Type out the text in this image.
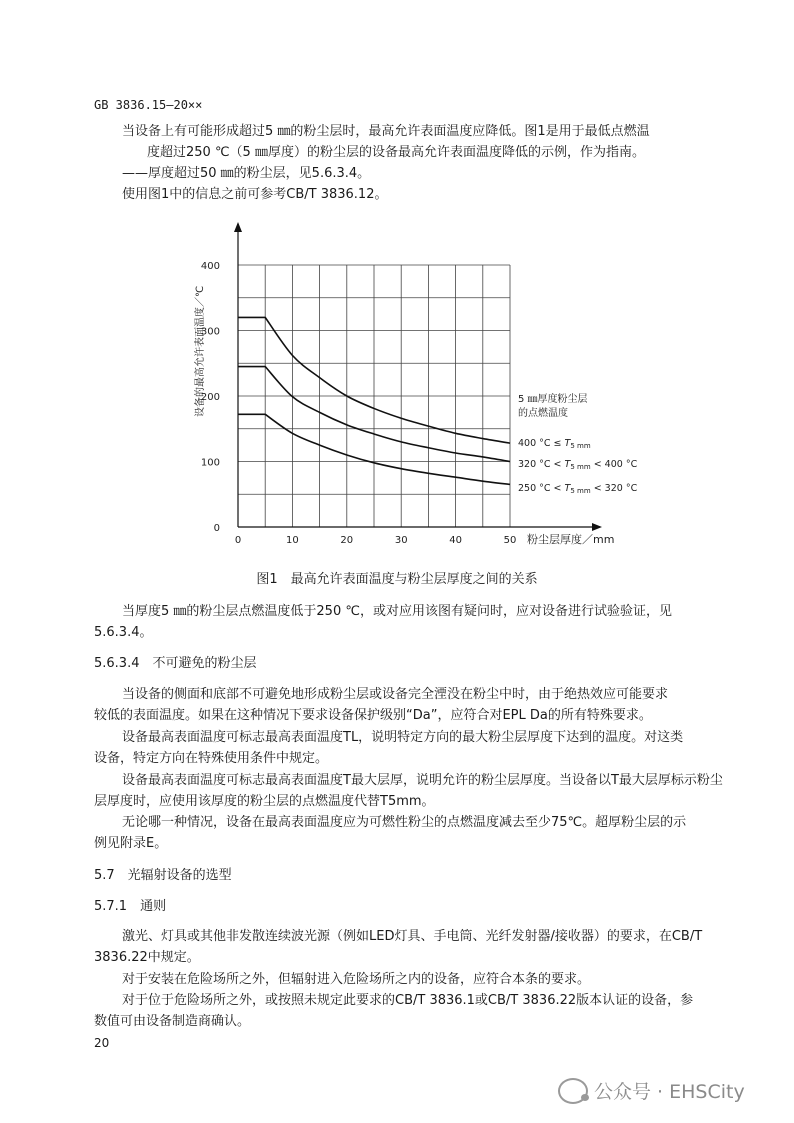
GB 3836.15—20××
当设备上有可能形成超过5 ㎜的粉尘层时，最高允许表面温度应降低。图1是用于最低点燃温
度超过250 ℃（5 ㎜厚度）的粉尘层的设备最高允许表面温度降低的示例，作为指南。
——厚度超过50 ㎜的粉尘层，见5.6.3.4。
使用图1中的信息之前可参考CB/T 3836.12。
0	10	20	30	40	50
0
100
200
300
400
设备的最高允许表面温度／℃
粉尘层厚度／mm
5 ㎜厚度粉尘层
的点燃温度
400 $^\circ C \le T_{5 mm}$
320 $^\circ C < T_{5 mm} < 400$ °C
250 $^\circ C < T_{5 mm} < 320$ °C
图1　最高允许表面温度与粉尘层厚度之间的关系
当厚度5 ㎜的粉尘层点燃温度低于250 ℃，或对应用该图有疑问时，应对设备进行试验验证，见
5.6.3.4。
5.6.3.4　不可避免的粉尘层
当设备的侧面和底部不可避免地形成粉尘层或设备完全湮没在粉尘中时，由于绝热效应可能要求
较低的表面温度。如果在这种情况下要求设备保护级别“Da”，应符合对EPL Da的所有特殊要求。
设备最高表面温度可标志最高表面温度TL，说明特定方向的最大粉尘层厚度下达到的温度。对这类
设备，特定方向在特殊使用条件中规定。
设备最高表面温度可标志最高表面温度T最大层厚，说明允许的粉尘层厚度。当设备以T最大层厚标示粉尘
层厚度时，应使用该厚度的粉尘层的点燃温度代替T5mm。
无论哪一种情况，设备在最高表面温度应为可燃性粉尘的点燃温度减去至少75℃。超厚粉尘层的示
例见附录E。
5.7　光辐射设备的选型
5.7.1　通则
激光、灯具或其他非发散连续波光源（例如LED灯具、手电筒、光纤发射器/接收器）的要求，在CB/T
3836.22中规定。
对于安装在危险场所之外，但辐射进入危险场所之内的设备，应符合本条的要求。
对于位于危险场所之外，或按照未规定此要求的CB/T 3836.1或CB/T 3836.22版本认证的设备，参
数值可由设备制造商确认。
20
公众号 · EHSCity
